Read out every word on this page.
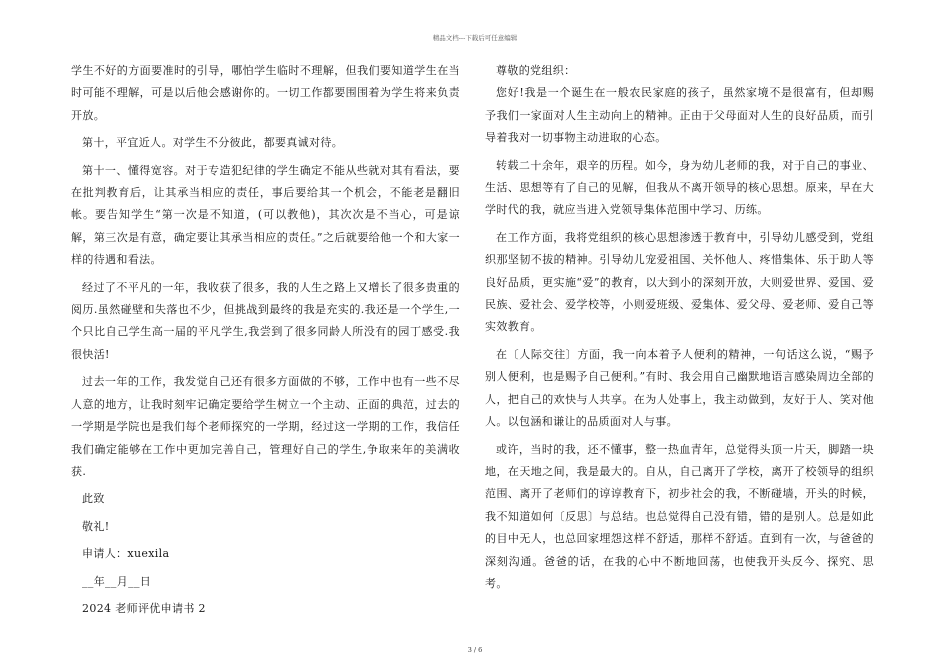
精品文档---下载后可任意编辑

学生不好的方面要准时的引导，哪怕学生临时不理解，但我们要知道学生在当时可能不理解，可是以后他会感谢你的。一切工作都要围围着为学生将来负责开放。

第十，平宜近人。对学生不分彼此，都要真诚对待。

第十一、懂得宽容。对于专造犯纪律的学生确定不能从些就对其有看法，要在批判教育后，让其承当相应的责任，事后要给其一个机会，不能老是翻旧帐。要告知学生“第一次是不知道，(可以教他)，其次次是不当心，可是谅解，第三次是有意，确定要让其承当相应的责任。”之后就要给他一个和大家一样的待遇和看法。

经过了不平凡的一年，我收获了很多，我的人生之路上又增长了很多贵重的阅历.虽然碰壁和失落也不少，但挑战到最终的我是充实的.我还是一个学生,一个只比自己学生高一届的平凡学生,我尝到了很多同龄人所没有的园丁感受.我很快活!

过去一年的工作，我发觉自己还有很多方面做的不够，工作中也有一些不尽人意的地方，让我时刻牢记确定要给学生树立一个主动、正面的典范，过去的一学期是学院也是我们每个老师探究的一学期，经过这一学期的工作，我信任我们确定能够在工作中更加完善自己，管理好自己的学生,争取来年的美满收获.

此致

敬礼!

申请人：xuexila

__年__月__日

2024 老师评优申请书 2

尊敬的党组织：

您好!我是一个诞生在一般农民家庭的孩子，虽然家境不是很富有，但却赐予我们一家面对人生主动向上的精神。正由于父母面对人生的良好品质，而引导着我对一切事物主动进取的心态。

转载二十余年，艰辛的历程。如今，身为幼儿老师的我，对于自己的事业、生活、思想等有了自己的见解，但我从不离开领导的核心思想。原来，早在大学时代的我，就应当进入党领导集体范围中学习、历练。

在工作方面，我将党组织的核心思想渗透于教育中，引导幼儿感受到，党组织那坚韧不拔的精神。引导幼儿宠爱祖国、关怀他人、疼惜集体、乐于助人等良好品质，更实施“爱”的教育，以大到小的深刻开放，大则爱世界、爱国、爱民族、爱社会、爱学校等，小则爱班级、爱集体、爱父母、爱老师、爱自己等实效教育。

在〔人际交往〕方面，我一向本着予人便利的精神，一句话这么说，“赐予别人便利，也是赐予自己便利。”有时、我会用自己幽默地语言感染周边全部的人，把自己的欢快与人共享。在为人处事上，我主动做到，友好于人、笑对他人。以包涵和谦让的品质面对人与事。

或许，当时的我，还不懂事，整一热血青年，总觉得头顶一片天，脚踏一块地，在天地之间，我是最大的。自从，自己离开了学校，离开了校领导的组织范围、离开了老师们的谆谆教育下，初步社会的我，不断碰墙，开头的时候，我不知道如何〔反思〕与总结。也总觉得自己没有错，错的是别人。总是如此的目中无人，也总回家埋怨这样不舒适，那样不舒适。直到有一次，与爸爸的深刻沟通。爸爸的话，在我的心中不断地回荡，也使我开头反今、探究、思考。

3 / 6
